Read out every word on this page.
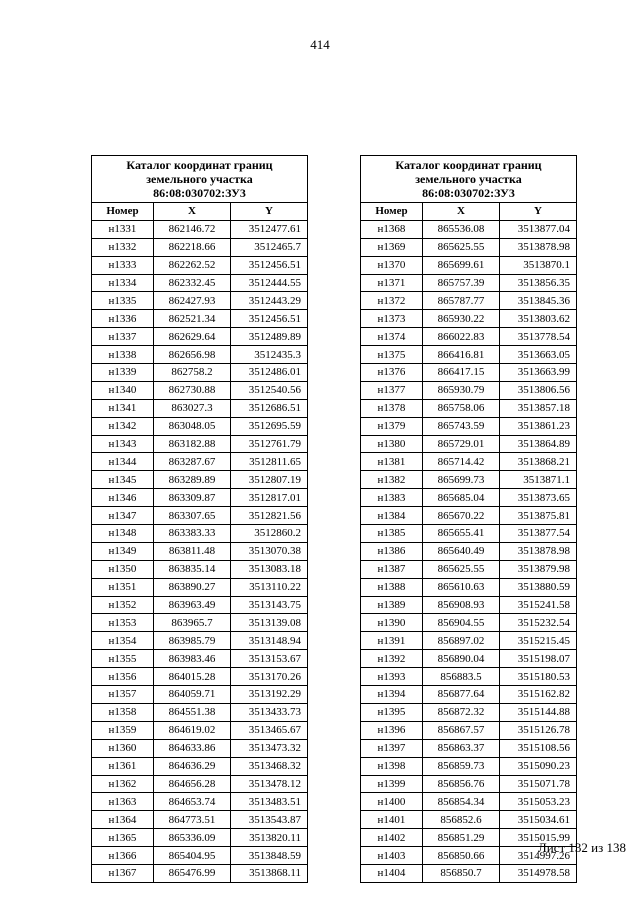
414
Каталог координат границ
земельного участка
86:08:030702:ЗУ3		

Номер	X	Y
н1331	862146.72	3512477.61
н1332	862218.66	3512465.7
н1333	862262.52	3512456.51
н1334	862332.45	3512444.55
н1335	862427.93	3512443.29
н1336	862521.34	3512456.51
н1337	862629.64	3512489.89
н1338	862656.98	3512435.3
н1339	862758.2	3512486.01
н1340	862730.88	3512540.56
н1341	863027.3	3512686.51
н1342	863048.05	3512695.59
н1343	863182.88	3512761.79
н1344	863287.67	3512811.65
н1345	863289.89	3512807.19
н1346	863309.87	3512817.01
н1347	863307.65	3512821.56
н1348	863383.33	3512860.2
н1349	863811.48	3513070.38
н1350	863835.14	3513083.18
н1351	863890.27	3513110.22
н1352	863963.49	3513143.75
н1353	863965.7	3513139.08
н1354	863985.79	3513148.94
н1355	863983.46	3513153.67
н1356	864015.28	3513170.26
н1357	864059.71	3513192.29
н1358	864551.38	3513433.73
н1359	864619.02	3513465.67
н1360	864633.86	3513473.32
н1361	864636.29	3513468.32
н1362	864656.28	3513478.12
н1363	864653.74	3513483.51
н1364	864773.51	3513543.87
н1365	865336.09	3513820.11
н1366	865404.95	3513848.59
н1367	865476.99	3513868.11
Каталог координат границ
земельного участка
86:08:030702:ЗУ3		

Номер	X	Y
н1368	865536.08	3513877.04
н1369	865625.55	3513878.98
н1370	865699.61	3513870.1
н1371	865757.39	3513856.35
н1372	865787.77	3513845.36
н1373	865930.22	3513803.62
н1374	866022.83	3513778.54
н1375	866416.81	3513663.05
н1376	866417.15	3513663.99
н1377	865930.79	3513806.56
н1378	865758.06	3513857.18
н1379	865743.59	3513861.23
н1380	865729.01	3513864.89
н1381	865714.42	3513868.21
н1382	865699.73	3513871.1
н1383	865685.04	3513873.65
н1384	865670.22	3513875.81
н1385	865655.41	3513877.54
н1386	865640.49	3513878.98
н1387	865625.55	3513879.98
н1388	865610.63	3513880.59
н1389	856908.93	3515241.58
н1390	856904.55	3515232.54
н1391	856897.02	3515215.45
н1392	856890.04	3515198.07
н1393	856883.5	3515180.53
н1394	856877.64	3515162.82
н1395	856872.32	3515144.88
н1396	856867.57	3515126.78
н1397	856863.37	3515108.56
н1398	856859.73	3515090.23
н1399	856856.76	3515071.78
н1400	856854.34	3515053.23
н1401	856852.6	3515034.61
н1402	856851.29	3515015.99
н1403	856850.66	3514997.26
н1404	856850.7	3514978.58
Лист 132 из 138
